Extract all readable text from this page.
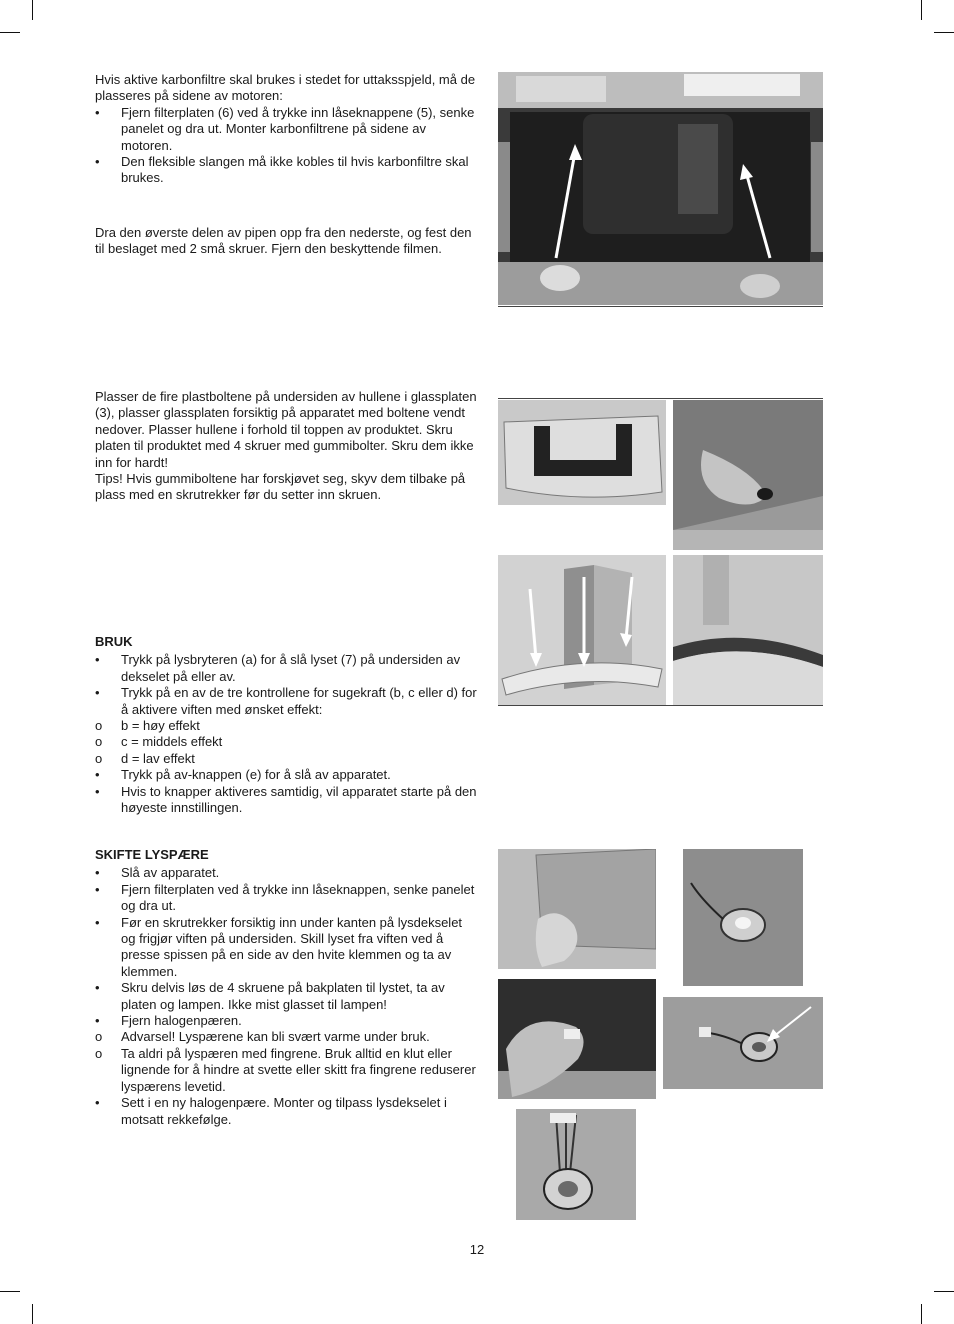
Hvis aktive karbonfiltre skal brukes i stedet for uttaksspjeld, må de plasseres på sidene av motoren:

•	Fjern filterplaten (6) ved å trykke inn låseknappene (5), senke panelet og dra ut. Monter karbonfiltrene på sidene av motoren.
•	Den fleksible slangen må ikke kobles til hvis karbonfiltre skal brukes.

Dra den øverste delen av pipen opp fra den nederste, og fest den til beslaget med 2 små skruer. Fjern den beskyttende filmen.

Plasser de fire plastboltene på undersiden av hullene i glassplaten (3), plasser glassplaten forsiktig på apparatet med boltene vendt nedover. Plasser hullene i forhold til toppen av produktet. Skru platen til produktet med 4 skruer med gummibolter. Skru dem ikke inn for hardt!

Tips! Hvis gummiboltene har forskjøvet seg, skyv dem tilbake på plass med en skrutrekker før du setter inn skruen.

BRUK
•	Trykk på lysbryteren (a) for å slå lyset (7) på undersiden av dekselet på eller av.
•	Trykk på en av de tre kontrollene for sugekraft (b, c eller d) for å aktivere viften med ønsket effekt:
o	b = høy effekt
o	c = middels effekt
o	d = lav effekt
•	Trykk på av-knappen (e) for å slå av apparatet.
•	Hvis to knapper aktiveres samtidig, vil apparatet starte på den høyeste innstillingen.
SKIFTE LYSPÆRE
•	Slå av apparatet.
•	Fjern filterplaten ved å trykke inn låseknappen, senke panelet og dra ut.
•	Før en skrutrekker forsiktig inn under kanten på lysdekselet og frigjør viften på undersiden. Skill lyset fra viften ved å presse spissen på en side av den hvite klemmen og ta av klemmen.
•	Skru delvis løs de 4 skruene på bakplaten til lystet, ta av platen og lampen. Ikke mist glasset til lampen!
•	Fjern halogenpæren.
o	Advarsel! Lyspærene kan bli svært varme under bruk.
o	Ta aldri på lyspæren med fingrene. Bruk alltid en klut eller lignende for å hindre at svette eller skitt fra fingrene reduserer lyspærens levetid.
•	Sett i en ny halogenpære. Monter og tilpass lysdekselet i motsatt rekkefølge.
12
